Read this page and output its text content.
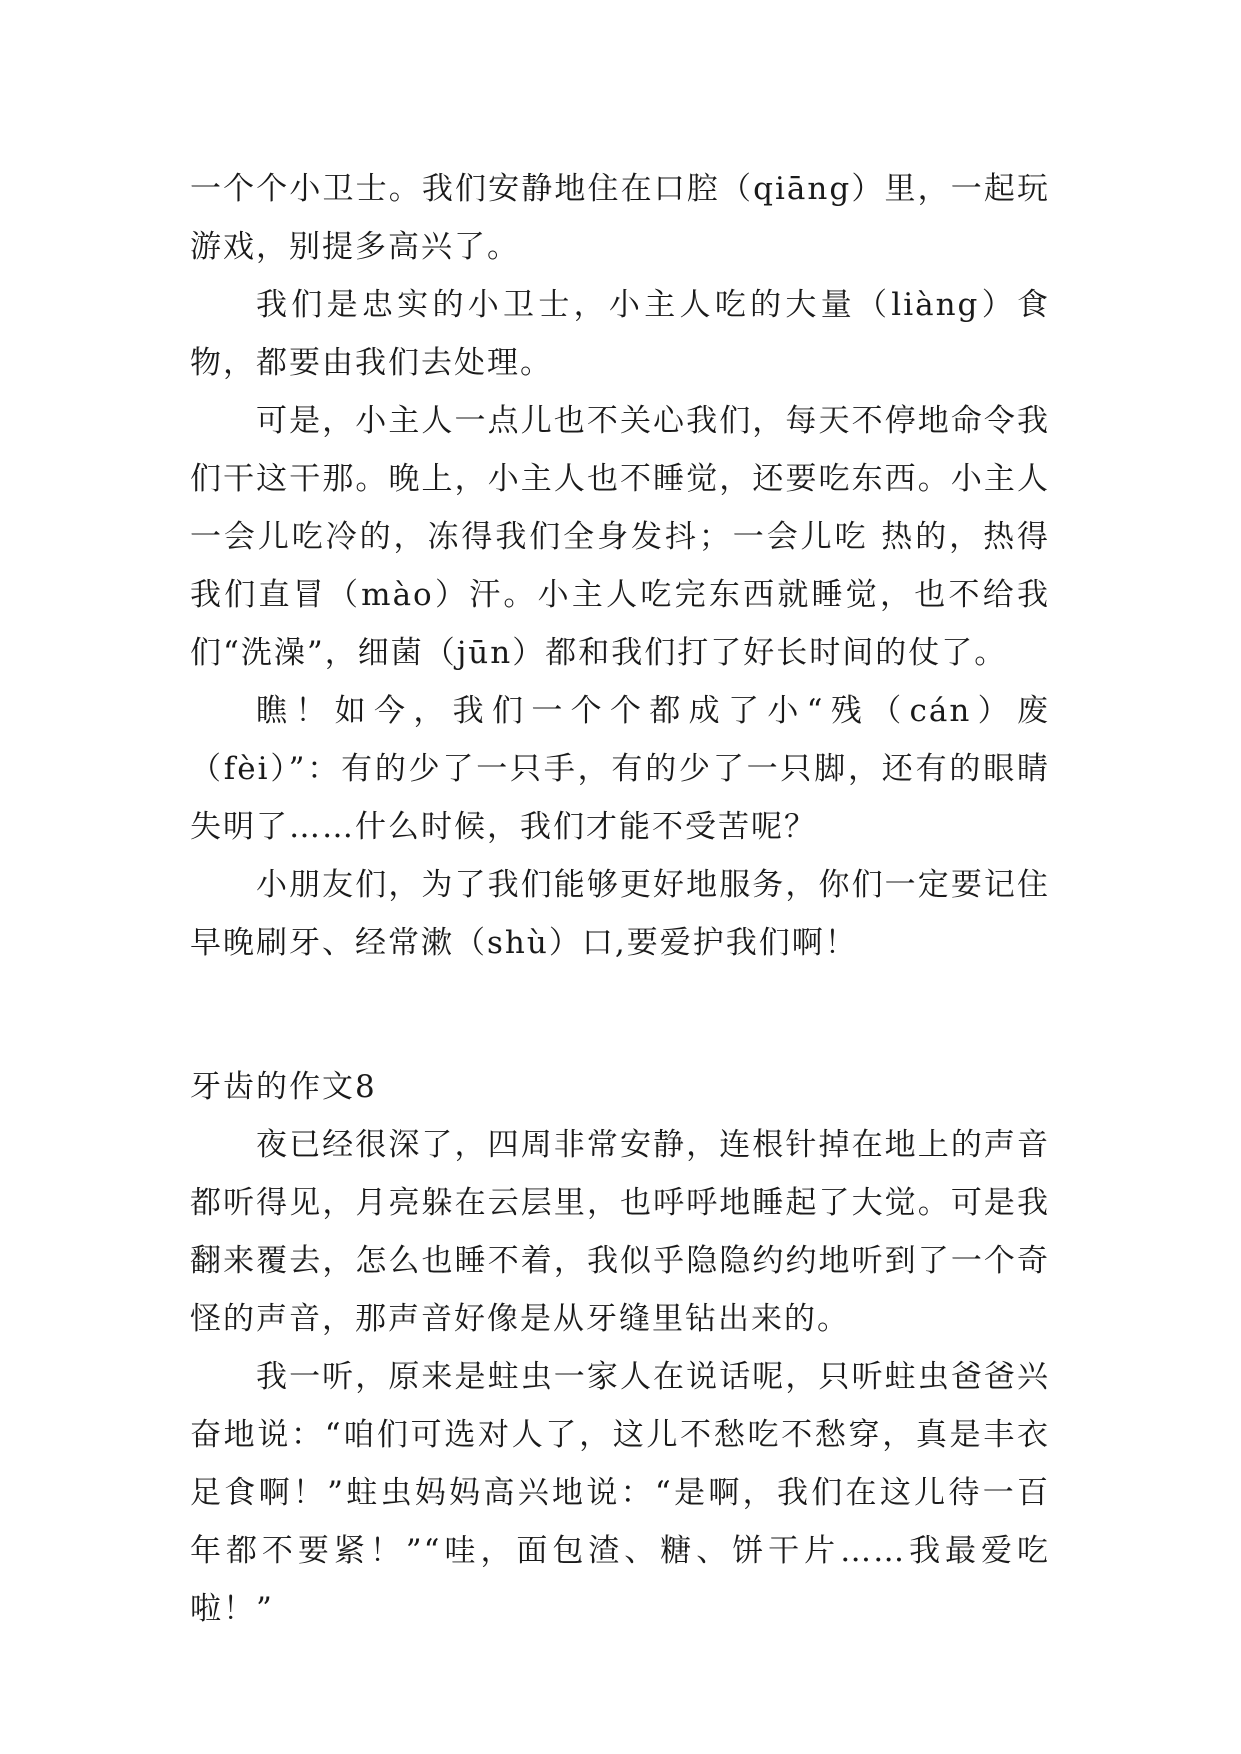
一个个小卫士。我们安静地住在口腔（qiāng）里，一起玩游戏，别提多高兴了。

我们是忠实的小卫士，小主人吃的大量（liàng）食物，都要由我们去处理。

可是，小主人一点儿也不关心我们，每天不停地命令我们干这干那。晚上，小主人也不睡觉，还要吃东西。小主人一会儿吃冷的，冻得我们全身发抖；一会儿吃 热的，热得我们直冒（mào）汗。小主人吃完东西就睡觉，也不给我们“洗澡”，细菌（jūn）都和我们打了好长时间的仗了。

瞧！如今，我们一个个都成了小“残（cán）废（fèi）”：有的少了一只手，有的少了一只脚，还有的眼睛失明了……什么时候，我们才能不受苦呢？

小朋友们，为了我们能够更好地服务，你们一定要记住早晚刷牙、经常漱（shù）口,要爱护我们啊！

牙齿的作文8

夜已经很深了，四周非常安静，连根针掉在地上的声音都听得见，月亮躲在云层里，也呼呼地睡起了大觉。可是我翻来覆去，怎么也睡不着，我似乎隐隐约约地听到了一个奇怪的声音，那声音好像是从牙缝里钻出来的。

我一听，原来是蛀虫一家人在说话呢，只听蛀虫爸爸兴奋地说：“咱们可选对人了，这儿不愁吃不愁穿，真是丰衣足食啊！”蛀虫妈妈高兴地说：“是啊，我们在这儿待一百年都不要紧！”“哇，面包渣、糖、饼干片……我最爱吃啦！”
